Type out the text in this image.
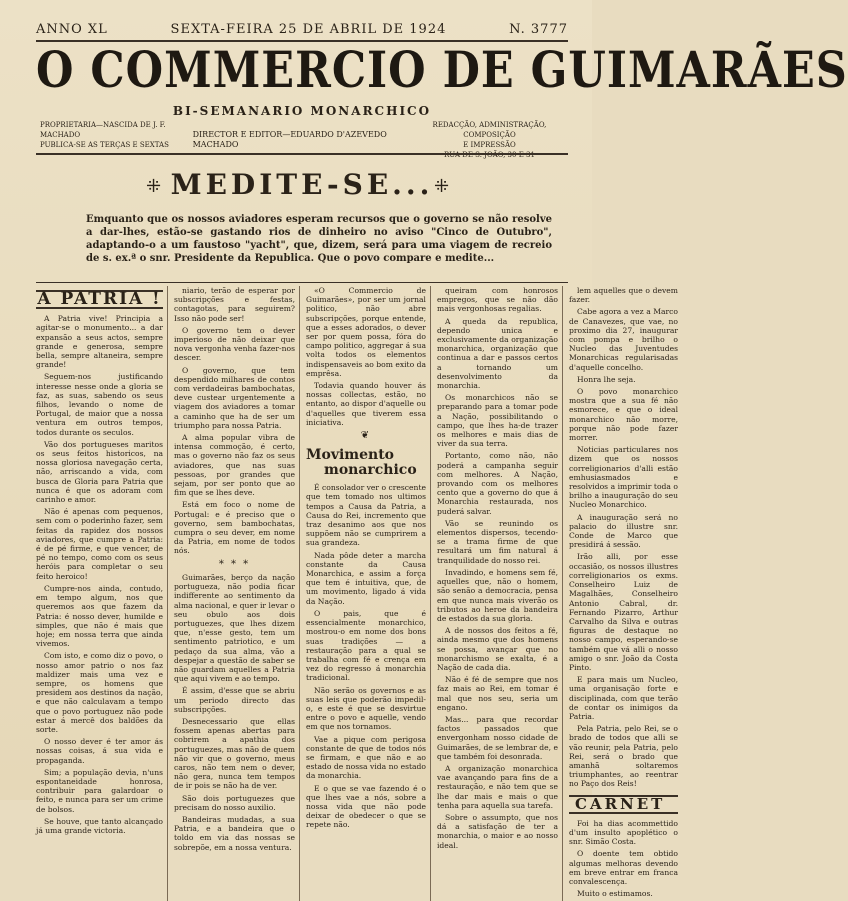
ANNO XL	SEXTA-FEIRA 25 DE ABRIL DE 1924	N. 3777
O COMMERCIO DE GUIMARÃES
BI-SEMANARIO MONARCHICO
PROPRIETARIA—NASCIDA DE J. F. MACHADO
PUBLICA-SE AS TERÇAS E SEXTAS
DIRECTOR E EDITOR—EDUARDO D'AZEVEDO MACHADO
REDACÇÃO, ADMINISTRAÇÃO, COMPOSIÇÃO
E IMPRESSÃO
RUA DE S. JOÃO, 30 E 31
⁜ MEDITE-SE... ⁜
Emquanto que os nossos aviadores esperam recursos que o governo se não resolve a dar-lhes, estão-se gastando rios de dinheiro no aviso "Cinco de Outubro", adaptando-o a um faustoso "yacht", que, dizem, será para uma viagem de recreio de s. ex.ª o snr. Presidente da Republica. Que o povo compare e medite...
A PATRIA !

A Patria vive! Principia a agitar-se o monumento... a dar expansão a seus actos, sempre grande e generosa, sempre bella, sempre altaneira, sempre grande!

Seguem-nos justificando interesse nesse onde a gloria se faz, as suas, sabendo os seus filhos, levando o nome de Portugal, de maior que a nossa ventura em outros tempos, todos durante os seculos.

Vão dos portugueses maritos os seus feitos historicos, na nossa gloriosa navegação certa, não, arriscando a vida, com busca de Gloria para Patria que nunca é que os adoram com carinho e amor.

Não é apenas com pequenos, sem com o poderinho fazer, sem feitas da rapidez dos nossos aviadores, que cumpre a Patria: é de pé firme, e que vencer, de pé no tempo, como com os seus heróis para completar o seu feito heroico!

Cumpre-nos ainda, contudo, em tempo algum, nos que queremos aos que fazem da Patria: é nosso dever, humilde e simples, que não é mais que hoje; em nossa terra que ainda vivemos.

Com isto, e como diz o povo, o nosso amor patrio o nos faz maldizer mais uma vez e sempre, os homens que presidem aos destinos da nação, e que não calculavam a tempo que o povo portuguez não pode estar á mercê dos baldões da sorte.

O nosso dever é ter amor ás nossas coisas, á sua vida e propaganda.

Sim; a população devia, n'uns espontaneidade honrosa, contribuir para galardoar o feito, e nunca para ser um crime de bolsos.

Se houve, que tanto alcançado já uma grande victoria.

niario, terão de esperar por subscripções e festas, contagotas, para seguirem? Isso não pode ser!

O governo tem o dever imperioso de não deixar que nova vergonha venha fazer-nos descer.

O governo, que tem despendido milhares de contos com verdadeiras bambochatas, deve custear urgentemente a viagem dos aviadores a tomar a caminho que ha de ser um triumpho para nossa Patria.

A alma popular vibra de intensa commoção, é certo, mas o governo não faz os seus aviadores, que nas suas pessoas, por grandes que sejam, por ser ponto que ao fim que se lhes deve.

Está em foco o nome de Portugal: e é preciso que o governo, sem bambochatas, cumpra o seu dever, em nome da Patria, em nome de todos nós.

* * *

Guimarães, berço da nação portugueza, não podia ficar indifferente ao sentimento da alma nacional, e quer ir levar o seu obulo aos dois portuguezes, que lhes dizem que, n'esse gesto, tem um sentimento patriotico, e um pedaço da sua alma, vão a despejar a questão de saber se não guardam aquelles a Patria que aqui vivem e ao tempo.

É assim, d'esse que se abriu um periodo directo das subscripções.

Desnecessario que ellas fossem apenas abertas para cobrirem a apathia dos portuguezes, mas não de quem não vir que o governo, meus caros, não tem nem o dever, não gera, nunca tem tempos de ir pois se não ha de ver.

São dois portuguezes que precisam do nosso auxilio.

Bandeiras mudadas, a sua Patria, e a bandeira que o toldo em via das nossas se sobrepõe, em a nossa ventura.

«O Commercio de Guimarães», por ser um jornal politico, não abre subscripções, porque entende, que a esses adorados, o dever ser por quem possa, fóra do campo politico, aggregar á sua volta todos os elementos indispensaveis ao bom exito da emprêsa.

Todavia quando houver ás nossas collectas, estão, no entanto, ao dispor d'aquelle ou d'aquelles que tiverem essa iniciativa.

❦
Movimento
monarchico

É consolador ver o crescente que tem tomado nos ultimos tempos a Causa da Patria, a Causa do Rei, incremento que traz desanimo aos que nos suppõem não se cumprirem a sua grandeza.

Nada pôde deter a marcha constante da Causa Monarchica, e assim a força que tem é intuitiva, que, de um movimento, ligado á vida da Nação.

O pais, que é essencialmente monarchico, mostrou-o em nome dos bons suas tradições — a restauração para a qual se trabalha com fé e crença em vez do regresso á monarchia tradicional.

Não serão os governos e as suas leis que poderão impedil-o, e este é que se desvirtue entre o povo e aquelle, vendo em que nos tornamos.

Vae a pique com perigosa constante de que de todos nós se firmam, e que não e ao estado de nossa vida no estado da monarchia.

E o que se vae fazendo é o que lhes vae a nós, sobre a nossa vida que não pode deixar de obedecer o que se repete não.

queiram com honrosos empregos, que se não dão mais vergonhosas regalias.

A queda da republica, dependo unica e exclusivamente da organização monarchica, organização que continua a dar e passos certos a tornando um desenvolvimento da monarchia.

Os monarchicos não se preparando para a tomar pode a Nação, possibilitando o campo, que lhes ha-de trazer os melhores e mais dias de viver da sua terra.

Portanto, como não, não poderá a campanha seguir com melhores. A Nação, provando com os melhores cento que a governo do que á Monarchia restaurada, nos puderá salvar.

Vão se reunindo os elementos dispersos, tecendo-se a trama firme de que resultará um fim natural á tranquilidade do nosso rei.

Invadindo, e homens sem fé, aquelles que, não o homem, são senão a democracia, pensa em que nunca mais viverão os tributos ao heroe da bandeira de estados da sua gloria.

A de nossos dos feitos a fé, ainda mesmo que dos homens se possa, avançar que no monarchismo se exalta, é a Nação de cada dia.

Não é fé de sempre que nos faz mais ao Rei, em tomar é mal que nos seu, seria um engano.

Mas... para que recordar factos passados que envergonham nosso cidade de Guimarães, de se lembrar de, e que também foi desonrada.

A organização monarchica vae avançando para fins de a restauração, e não tem que se lhe dar mais e mais o que tenha para aquella sua tarefa.

Sobre o assumpto, que nos dá a satisfação de ter a monarchia, o maior e ao nosso ideal.

lem aquelles que o devem fazer.

Cabe agora a vez a Marco de Canavezes, que vae, no proximo dia 27, inaugurar com pompa e brilho o Nucleo das Juventudes Monarchicas regularisadas d'aquelle concelho.

Honra lhe seja.

O povo monarchico mostra que a sua fé não esmorece, e que o ideal monarchico não morre, porque não pode fazer morrer.

Noticias particulares nos dizem que os nossos correligionarios d'alli estão emhusiasmados e resolvidos a imprimir toda o brilho a inauguração do seu Nucleo Monarchico.

A inauguração será no palacio do illustre snr. Conde de Marco que presidirá á sessão.

Irão alli, por esse occasião, os nossos illustres correligionarios os exms. Conselheiro Luiz de Magalhães, Conselheiro Antonio Cabral, dr. Fernando Pizarro, Arthur Carvalho da Silva e outras figuras de destaque no nosso campo, esperando-se também que vá alli o nosso amigo o snr. João da Costa Pinto.

E para mais um Nucleo, uma organisação forte e disciplinada, com que terão de contar os inimigos da Patria.

Pela Patria, pelo Rei, se o brado de todos que alli se vão reunir, pela Patria, pelo Rei, será o brado que amanhã soltaremos triumphantes, ao reentrar no Paço dos Reis!

CARNET

Foi ha dias acommettido d'um insulto apoplético o snr. Simão Costa.

O doente tem obtido algumas melhoras devendo em breve entrar em franca convalescença.

Muito o estimamos.
